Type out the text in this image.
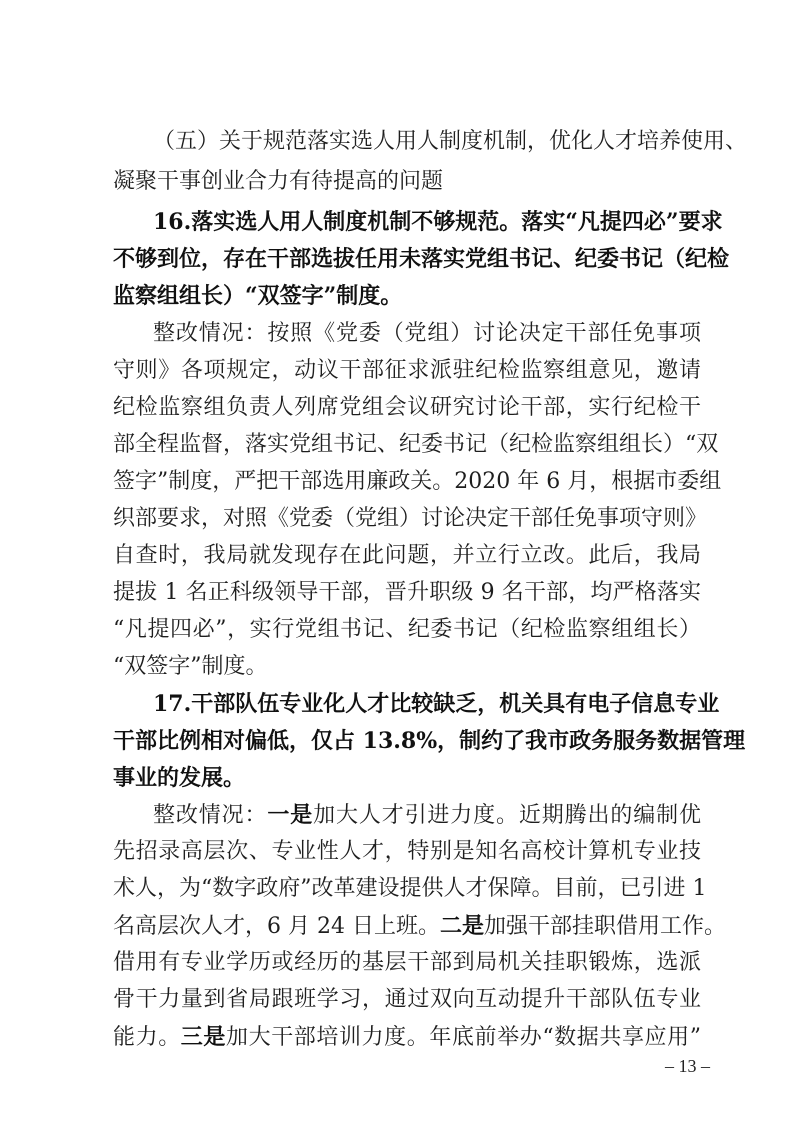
（五）关于规范落实选人用人制度机制，优化人才培养使用、
凝聚干事创业合力有待提高的问题
16.落实选人用人制度机制不够规范。落实“凡提四必”要求
不够到位，存在干部选拔任用未落实党组书记、纪委书记（纪检
监察组组长）“双签字”制度。
整改情况：按照《党委（党组）讨论决定干部任免事项
守则》各项规定，动议干部征求派驻纪检监察组意见，邀请
纪检监察组负责人列席党组会议研究讨论干部，实行纪检干
部全程监督，落实党组书记、纪委书记（纪检监察组组长）“双
签字”制度，严把干部选用廉政关。2020 年 6 月，根据市委组
织部要求，对照《党委（党组）讨论决定干部任免事项守则》
自查时，我局就发现存在此问题，并立行立改。此后，我局
提拔 1 名正科级领导干部，晋升职级 9 名干部，均严格落实
“凡提四必”，实行党组书记、纪委书记（纪检监察组组长）
“双签字”制度。
17.干部队伍专业化人才比较缺乏，机关具有电子信息专业
干部比例相对偏低，仅占 13.8%，制约了我市政务服务数据管理
事业的发展。
整改情况：一是加大人才引进力度。近期腾出的编制优
先招录高层次、专业性人才，特别是知名高校计算机专业技
术人，为“数字政府”改革建设提供人才保障。目前，已引进 1
名高层次人才，6 月 24 日上班。二是加强干部挂职借用工作。
借用有专业学历或经历的基层干部到局机关挂职锻炼，选派
骨干力量到省局跟班学习，通过双向互动提升干部队伍专业
能力。三是加大干部培训力度。年底前举办“数据共享应用”
– 13 –
